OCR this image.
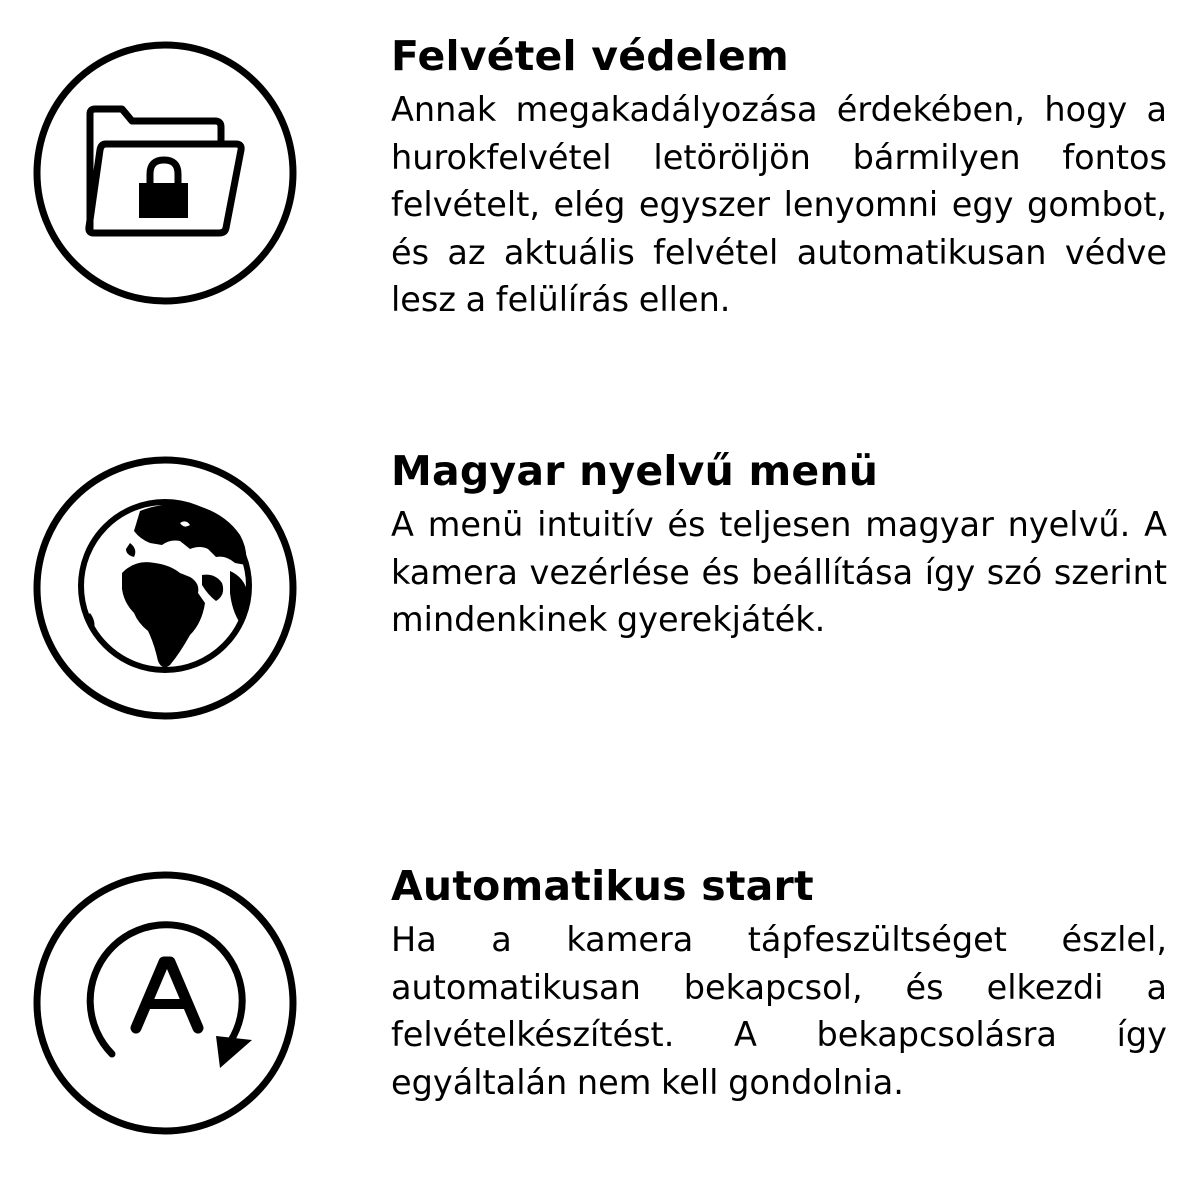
Felvétel védelem

Annak megakadályozása érdekében, hogy a hurokfelvétel letöröljön bármilyen fontos felvételt, elég egyszer lenyomni egy gombot, és az aktuális felvétel automatikusan védve lesz a felülírás ellen.

Magyar nyelvű menü

A menü intuitív és teljesen magyar nyelvű. A kamera vezérlése és beállítása így szó szerint mindenkinek gyerekjáték.

Automatikus start

Ha a kamera tápfeszültséget észlel, automatikusan bekapcsol, és elkezdi a felvételkészítést. A bekapcsolásra így egyáltalán nem kell gondolnia.
